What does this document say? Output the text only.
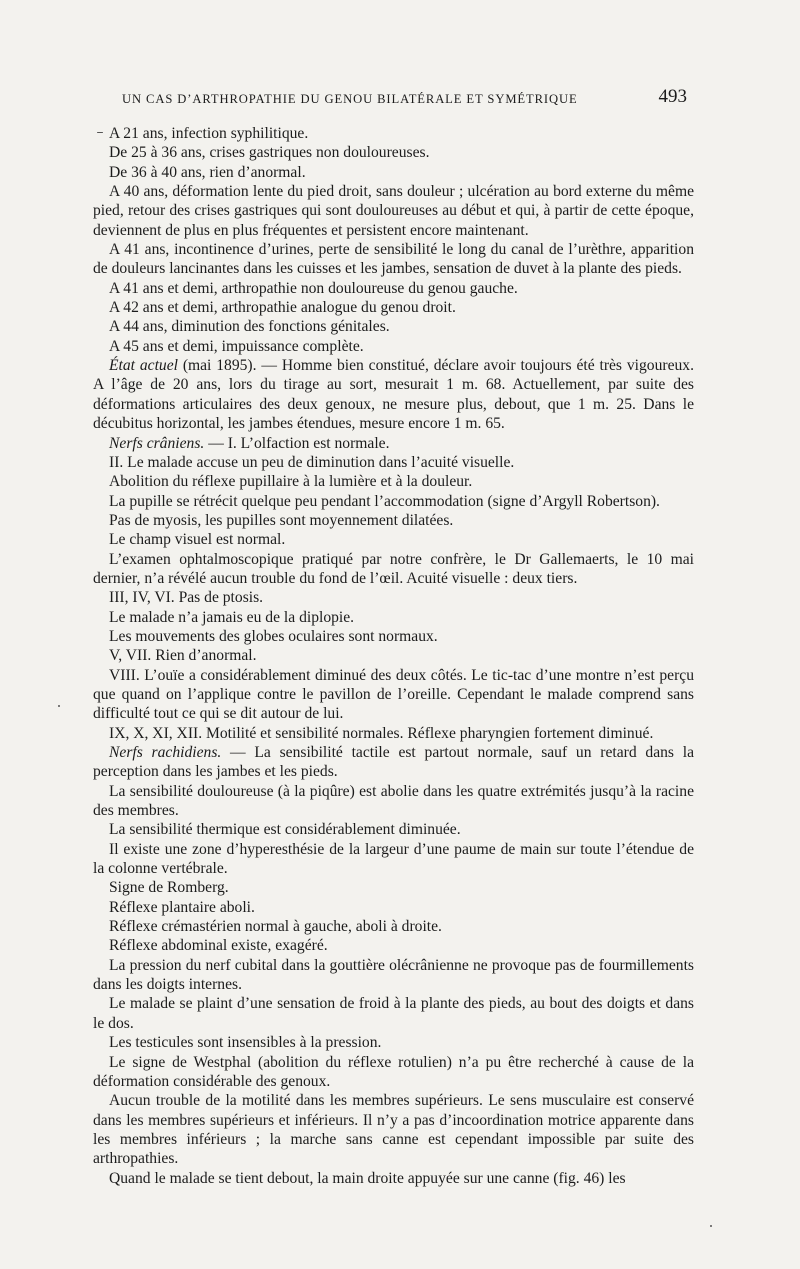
UN CAS D’ARTHROPATHIE DU GENOU BILATÉRALE ET SYMÉTRIQUE	493

A 21 ans, infection syphilitique.

De 25 à 36 ans, crises gastriques non douloureuses.

De 36 à 40 ans, rien d’anormal.

A 40 ans, déformation lente du pied droit, sans douleur ; ulcération au bord externe du même pied, retour des crises gastriques qui sont douloureuses au début et qui, à partir de cette époque, deviennent de plus en plus fréquentes et persistent encore maintenant.

A 41 ans, incontinence d’urines, perte de sensibilité le long du canal de l’urèthre, apparition de douleurs lancinantes dans les cuisses et les jambes, sensation de duvet à la plante des pieds.

A 41 ans et demi, arthropathie non douloureuse du genou gauche.

A 42 ans et demi, arthropathie analogue du genou droit.

A 44 ans, diminution des fonctions génitales.

A 45 ans et demi, impuissance complète.

État actuel (mai 1895). — Homme bien constitué, déclare avoir toujours été très vigoureux. A l’âge de 20 ans, lors du tirage au sort, mesurait 1 m. 68. Actuellement, par suite des déformations articulaires des deux genoux, ne mesure plus, debout, que 1 m. 25. Dans le décubitus horizontal, les jambes étendues, mesure encore 1 m. 65.

Nerfs crâniens. — I. L’olfaction est normale.

II. Le malade accuse un peu de diminution dans l’acuité visuelle.

Abolition du réflexe pupillaire à la lumière et à la douleur.

La pupille se rétrécit quelque peu pendant l’accommodation (signe d’Argyll Robertson).

Pas de myosis, les pupilles sont moyennement dilatées.

Le champ visuel est normal.

L’examen ophtalmoscopique pratiqué par notre confrère, le Dr Gallemaerts, le 10 mai dernier, n’a révélé aucun trouble du fond de l’œil. Acuité visuelle : deux tiers.

III, IV, VI. Pas de ptosis.

Le malade n’a jamais eu de la diplopie.

Les mouvements des globes oculaires sont normaux.

V, VII. Rien d’anormal.

VIII. L’ouïe a considérablement diminué des deux côtés. Le tic-tac d’une montre n’est perçu que quand on l’applique contre le pavillon de l’oreille. Cependant le malade comprend sans difficulté tout ce qui se dit autour de lui.

IX, X, XI, XII. Motilité et sensibilité normales. Réflexe pharyngien fortement diminué.

Nerfs rachidiens. — La sensibilité tactile est partout normale, sauf un retard dans la perception dans les jambes et les pieds.

La sensibilité douloureuse (à la piqûre) est abolie dans les quatre extrémités jusqu’à la racine des membres.

La sensibilité thermique est considérablement diminuée.

Il existe une zone d’hyperesthésie de la largeur d’une paume de main sur toute l’étendue de la colonne vertébrale.

Signe de Romberg.

Réflexe plantaire aboli.

Réflexe crémastérien normal à gauche, aboli à droite.

Réflexe abdominal existe, exagéré.

La pression du nerf cubital dans la gouttière olécrânienne ne provoque pas de fourmillements dans les doigts internes.

Le malade se plaint d’une sensation de froid à la plante des pieds, au bout des doigts et dans le dos.

Les testicules sont insensibles à la pression.

Le signe de Westphal (abolition du réflexe rotulien) n’a pu être recherché à cause de la déformation considérable des genoux.

Aucun trouble de la motilité dans les membres supérieurs. Le sens musculaire est conservé dans les membres supérieurs et inférieurs. Il n’y a pas d’incoordination motrice apparente dans les membres inférieurs ; la marche sans canne est cependant impossible par suite des arthropathies.

Quand le malade se tient debout, la main droite appuyée sur une canne (fig. 46) les
